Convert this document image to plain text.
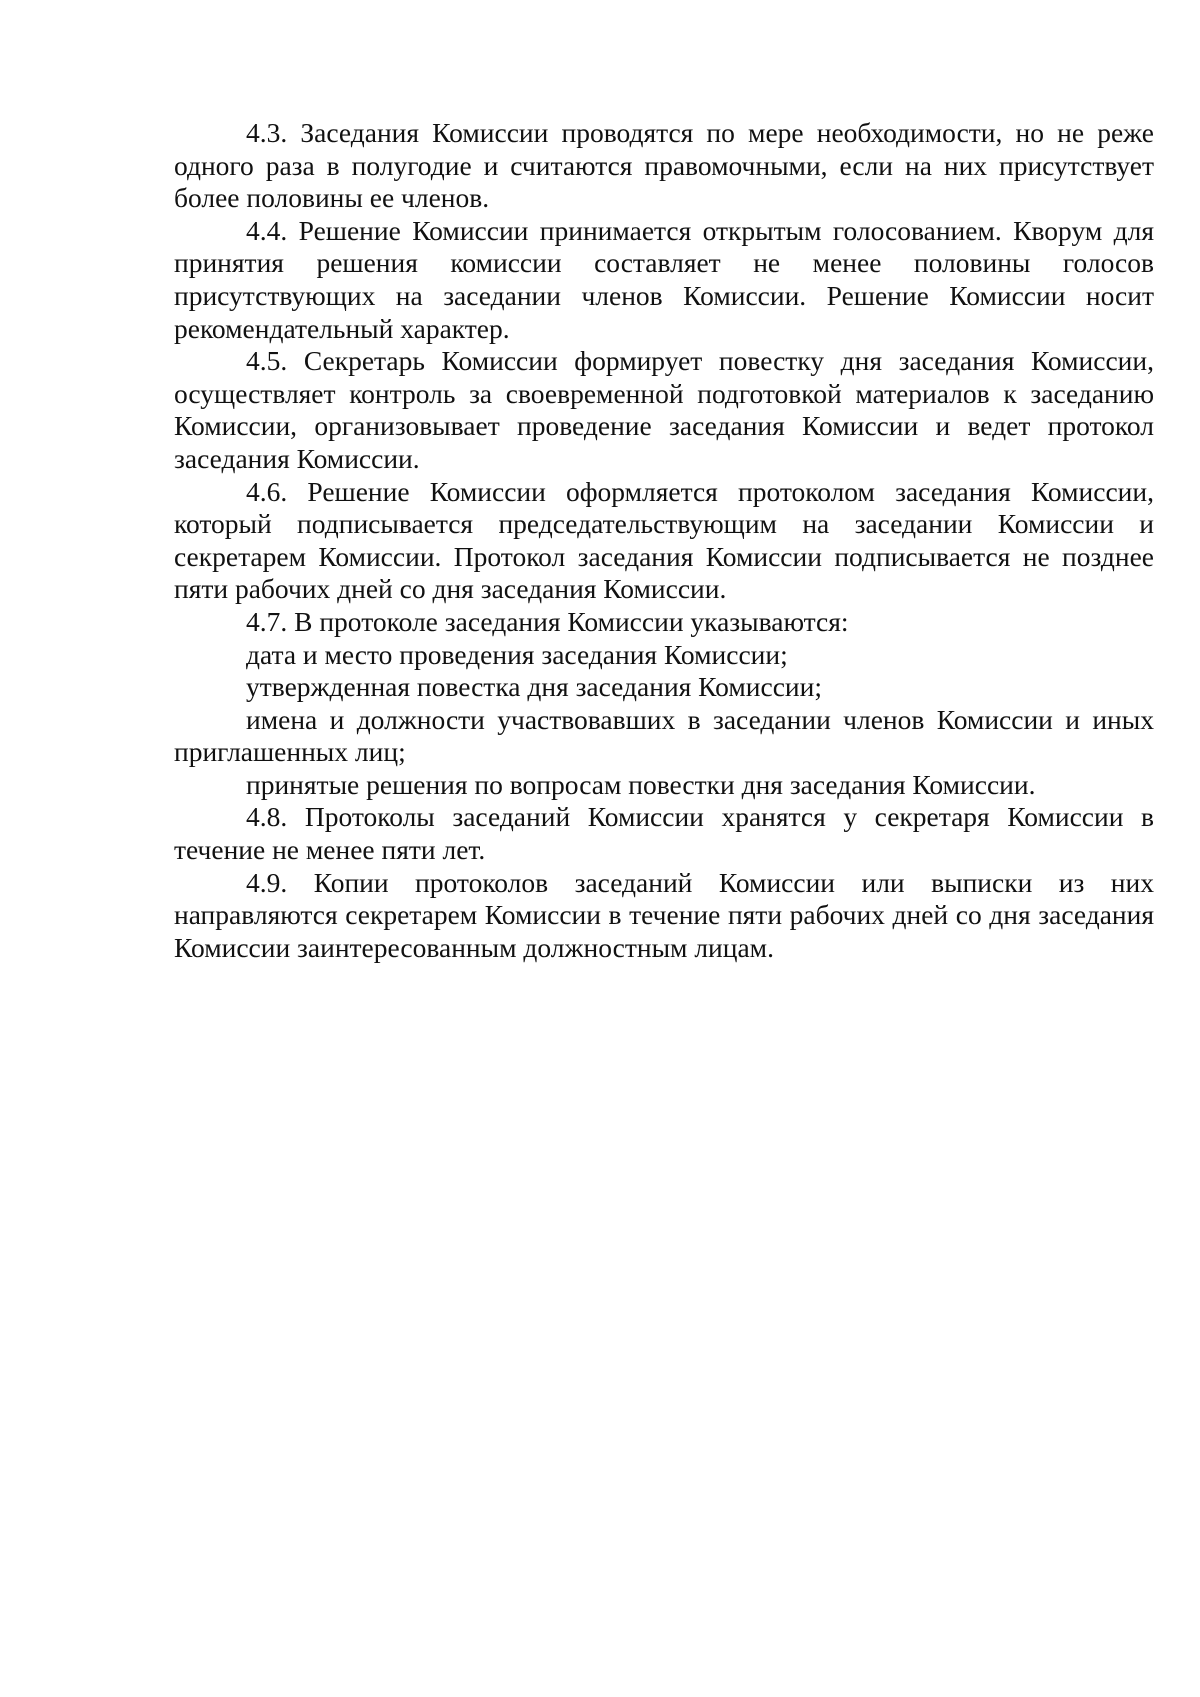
4.3. Заседания Комиссии проводятся по мере необходимости, но не реже одного раза в полугодие и считаются правомочными, если на них присутствует более половины ее членов.

4.4. Решение Комиссии принимается открытым голосованием. Кворум для принятия решения комиссии составляет не менее половины голосов присутствующих на заседании членов Комиссии. Решение Комиссии носит рекомендательный характер.

4.5. Секретарь Комиссии формирует повестку дня заседания Комиссии, осуществляет контроль за своевременной подготовкой материалов к заседанию Комиссии, организовывает проведение заседания Комиссии и ведет протокол заседания Комиссии.

4.6. Решение Комиссии оформляется протоколом заседания Комиссии, который подписывается председательствующим на заседании Комиссии и секретарем Комиссии. Протокол заседания Комиссии подписывается не позднее пяти рабочих дней со дня заседания Комиссии.

4.7. В протоколе заседания Комиссии указываются:

дата и место проведения заседания Комиссии;

утвержденная повестка дня заседания Комиссии;

имена и должности участвовавших в заседании членов Комиссии и иных приглашенных лиц;

принятые решения по вопросам повестки дня заседания Комиссии.

4.8. Протоколы заседаний Комиссии хранятся у секретаря Комиссии в течение не менее пяти лет.

4.9. Копии протоколов заседаний Комиссии или выписки из них направляются секретарем Комиссии в течение пяти рабочих дней со дня заседания Комиссии заинтересованным должностным лицам.
